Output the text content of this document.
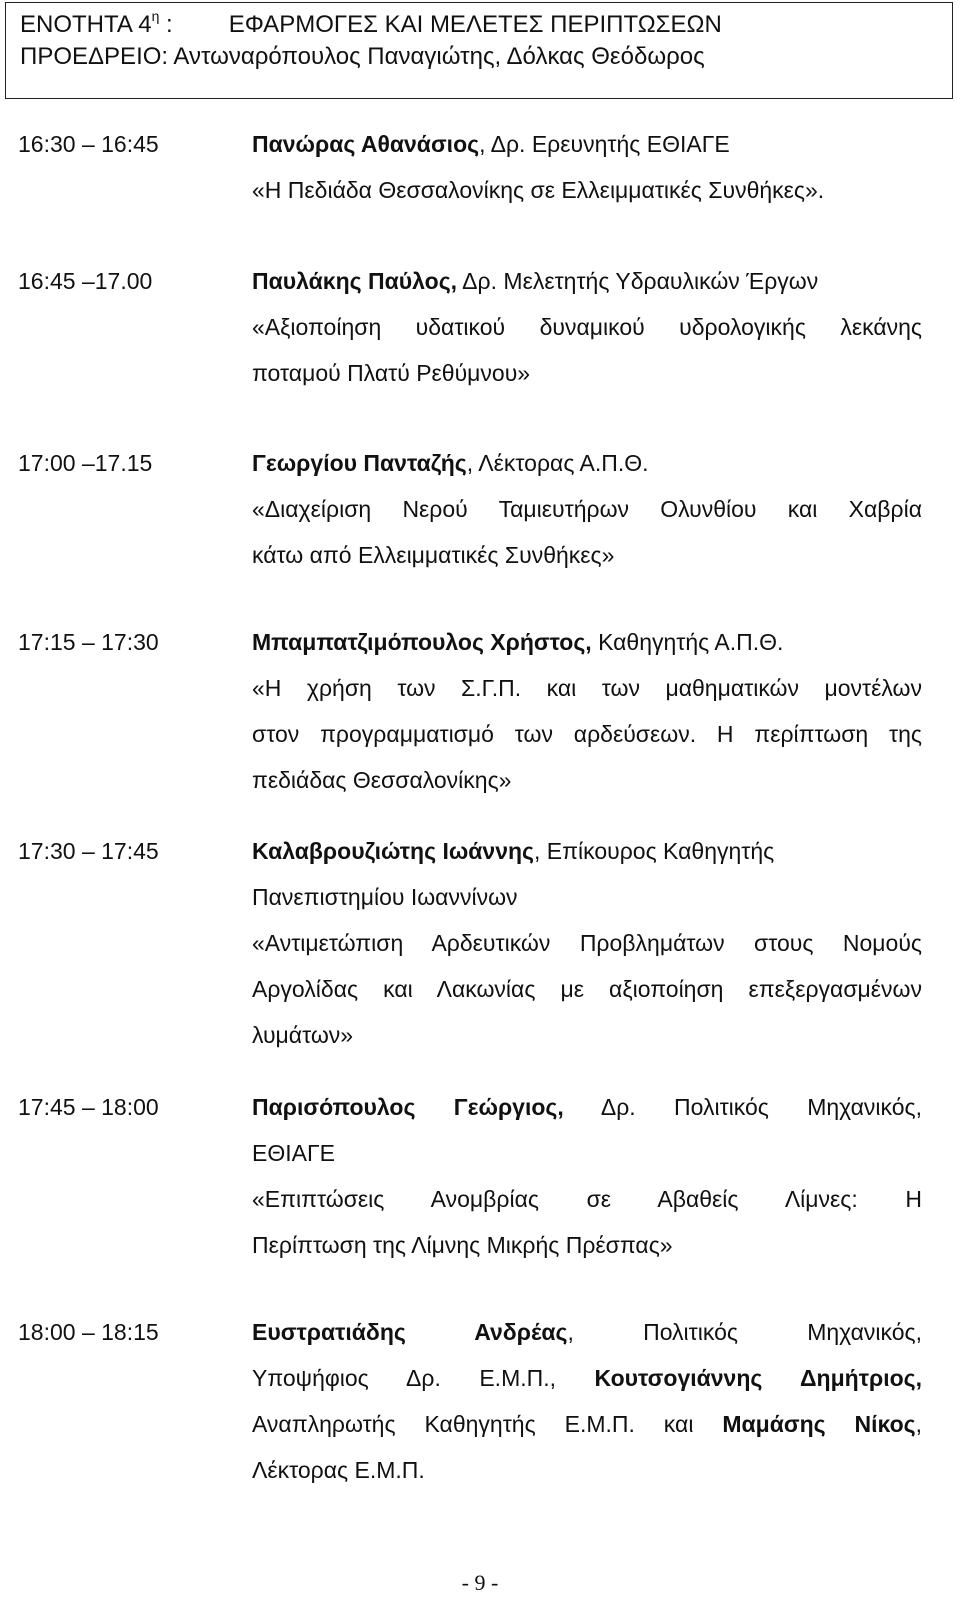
ΕΝΟΤΗΤΑ $4^\eta$ : ΕΦΑΡΜΟΓΕΣ ΚΑΙ ΜΕΛΕΤΕΣ ΠΕΡΙΠΤΩΣΕΩΝ
ΠΡΟΕΔΡΕΙΟ: Αντωναρόπουλος Παναγιώτης, Δόλκας Θεόδωρος
16:30 – 16:45	Πανώρας Αθανάσιος, Δρ. Ερευνητής ΕΘΙΑΓΕ
«Η Πεδιάδα Θεσσαλονίκης σε Ελλειμματικές Συνθήκες».
16:45 –17.00	Παυλάκης Παύλος, Δρ. Μελετητής Υδραυλικών Έργων
«Αξιοποίηση υδατικού δυναμικού υδρολογικής λεκάνης
ποταμού Πλατύ Ρεθύμνου»
17:00 –17.15	Γεωργίου Πανταζής, Λέκτορας Α.Π.Θ.
«Διαχείριση Νερού Ταμιευτήρων Ολυνθίου και Χαβρία
κάτω από Ελλειμματικές Συνθήκες»
17:15 – 17:30	Μπαμπατζιμόπουλος Χρήστος, Καθηγητής Α.Π.Θ.
«Η χρήση των Σ.Γ.Π. και των μαθηματικών μοντέλων
στον προγραμματισμό των αρδεύσεων. Η περίπτωση της
πεδιάδας Θεσσαλονίκης»
17:30 – 17:45	Καλαβρουζιώτης Ιωάννης, Επίκουρος Καθηγητής
Πανεπιστημίου Ιωαννίνων
«Αντιμετώπιση Αρδευτικών Προβλημάτων στους Νομούς
Αργολίδας και Λακωνίας με αξιοποίηση επεξεργασμένων
λυμάτων»
17:45 – 18:00	Παρισόπουλος Γεώργιος, Δρ. Πολιτικός Μηχανικός,
ΕΘΙΑΓΕ
«Επιπτώσεις Ανομβρίας σε Αβαθείς Λίμνες: Η
Περίπτωση της Λίμνης Μικρής Πρέσπας»
18:00 – 18:15	Ευστρατιάδης Ανδρέας, Πολιτικός Μηχανικός,
Υποψήφιος Δρ. Ε.Μ.Π., Κουτσογιάννης Δημήτριος,
Αναπληρωτής Καθηγητής Ε.Μ.Π. και Μαμάσης Νίκος,
Λέκτορας Ε.Μ.Π.
- 9 -
